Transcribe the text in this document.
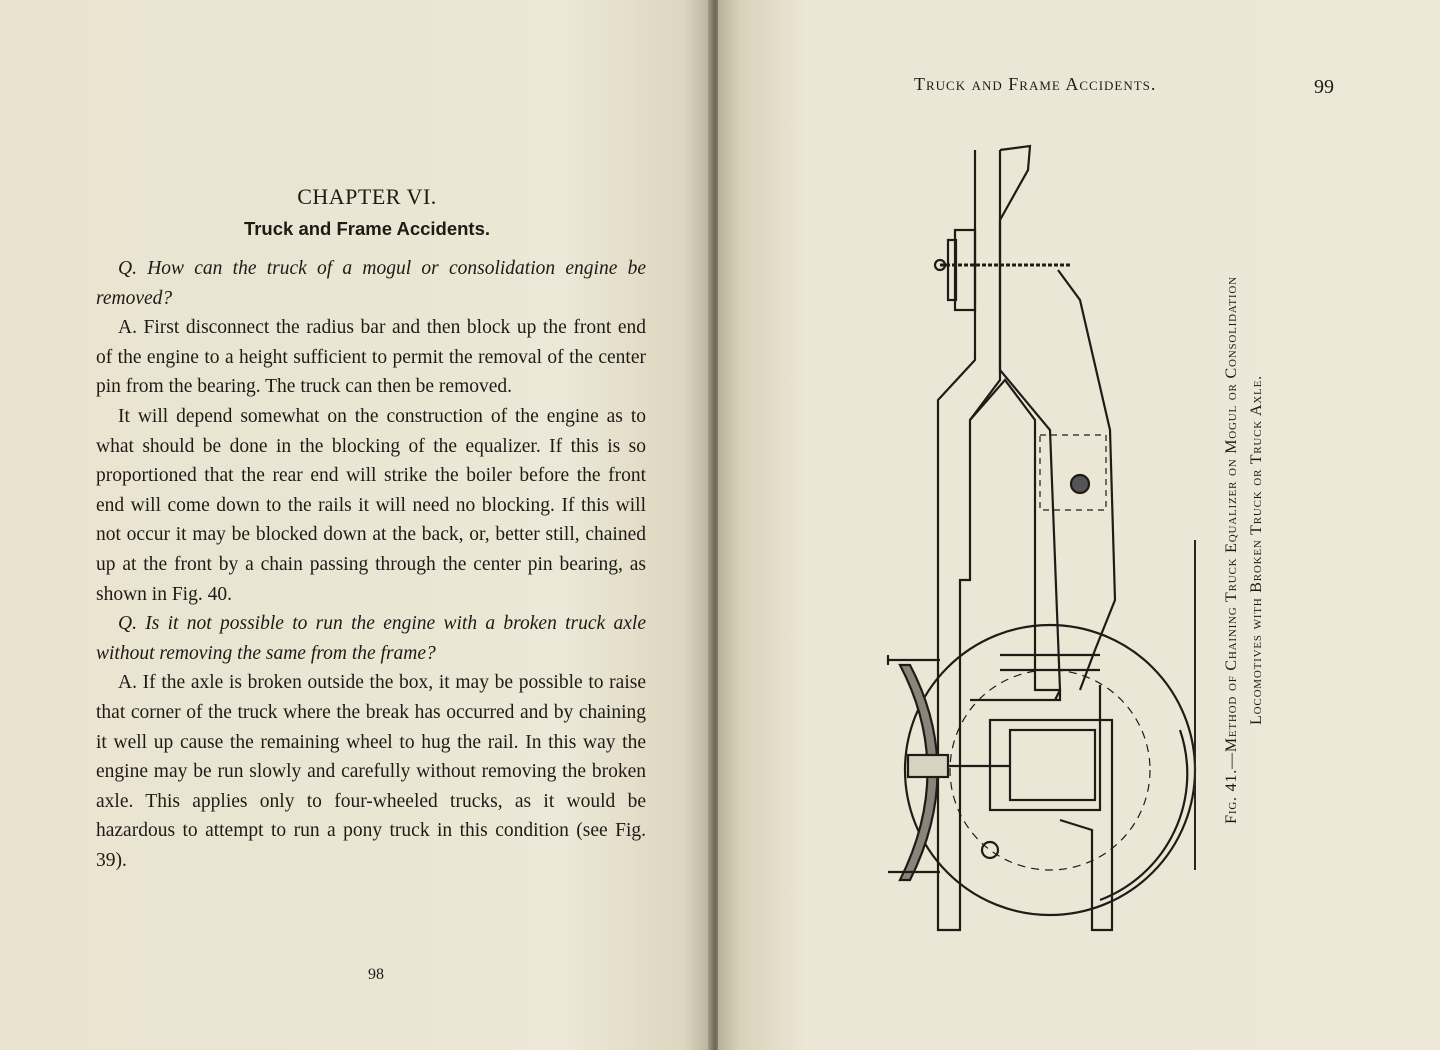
CHAPTER VI.
Truck and Frame Accidents.

Q. How can the truck of a mogul or consolidation engine be removed?

A. First disconnect the radius bar and then block up the front end of the engine to a height sufficient to permit the removal of the center pin from the bearing. The truck can then be removed.

It will depend somewhat on the construction of the engine as to what should be done in the blocking of the equalizer. If this is so proportioned that the rear end will strike the boiler before the front end will come down to the rails it will need no blocking. If this will not occur it may be blocked down at the back, or, better still, chained up at the front by a chain passing through the center pin bearing, as shown in Fig. 40.

Q. Is it not possible to run the engine with a broken truck axle without removing the same from the frame?

A. If the axle is broken outside the box, it may be possible to raise that corner of the truck where the break has occurred and by chaining it well up cause the remaining wheel to hug the rail. In this way the engine may be run slowly and carefully without removing the broken axle. This applies only to four-wheeled trucks, as it would be hazardous to attempt to run a pony truck in this condition (see Fig. 39).

98
Truck and Frame Accidents.	99
Fig. 41.—Method of Chaining Truck Equalizer on Mogul or Consolidation Locomotives with Broken Truck or Truck Axle.
